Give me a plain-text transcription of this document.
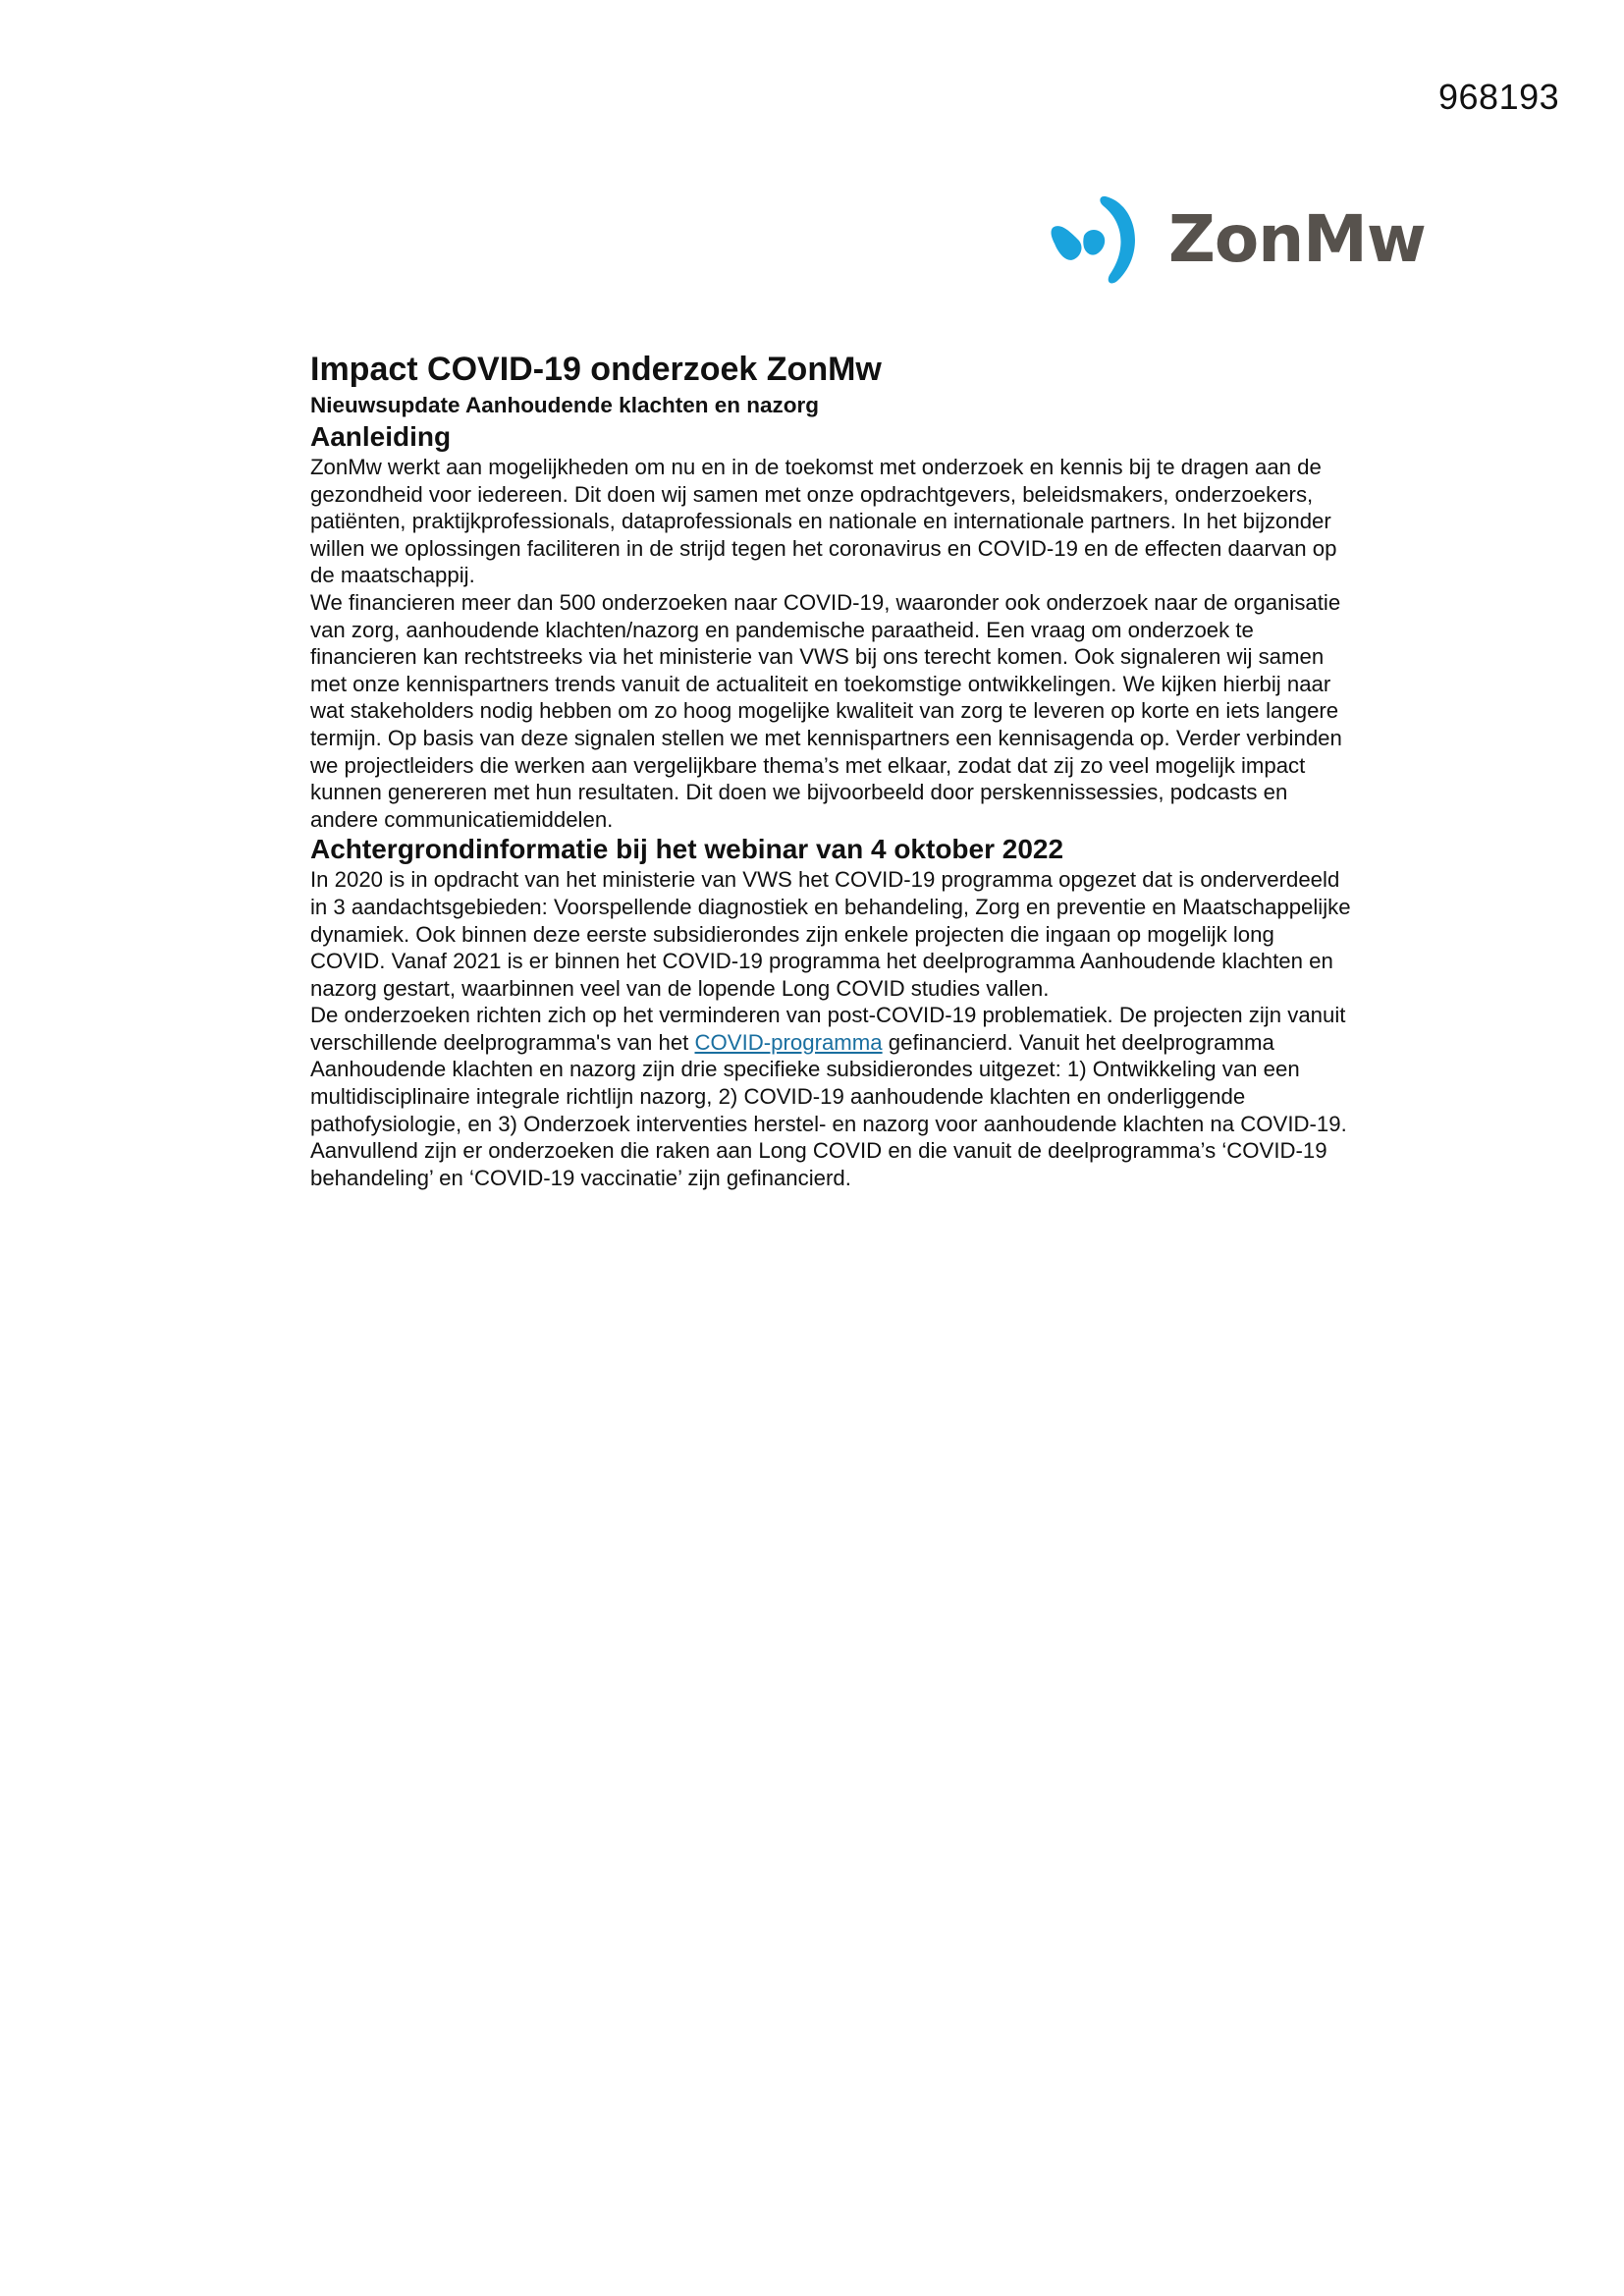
968193
ZonMw
Impact COVID-19 onderzoek ZonMw
Nieuwsupdate Aanhoudende klachten en nazorg
Aanleiding

ZonMw werkt aan mogelijkheden om nu en in de toekomst met onderzoek en kennis bij te dragen aan de gezondheid voor iedereen. Dit doen wij samen met onze opdrachtgevers, beleidsmakers, onderzoekers, patiënten, praktijkprofessionals, dataprofessionals en nationale en internationale partners. In het bijzonder willen we oplossingen faciliteren in de strijd tegen het coronavirus en COVID-19 en de effecten daarvan op de maatschappij.

We financieren meer dan 500 onderzoeken naar COVID-19, waaronder ook onderzoek naar de organisatie van zorg, aanhoudende klachten/nazorg en pandemische paraatheid. Een vraag om onderzoek te financieren kan rechtstreeks via het ministerie van VWS bij ons terecht komen. Ook signaleren wij samen met onze kennispartners trends vanuit de actualiteit en toekomstige ontwikkelingen. We kijken hierbij naar wat stakeholders nodig hebben om zo hoog mogelijke kwaliteit van zorg te leveren op korte en iets langere termijn. Op basis van deze signalen stellen we met kennispartners een kennisagenda op. Verder verbinden we projectleiders die werken aan vergelijkbare thema’s met elkaar, zodat dat zij zo veel mogelijk impact kunnen genereren met hun resultaten. Dit doen we bijvoorbeeld door perskennissessies, podcasts en andere communicatiemiddelen.

Achtergrondinformatie bij het webinar van 4 oktober 2022

In 2020 is in opdracht van het ministerie van VWS het COVID-19 programma opgezet dat is onderverdeeld in 3 aandachtsgebieden: Voorspellende diagnostiek en behandeling, Zorg en preventie en Maatschappelijke dynamiek. Ook binnen deze eerste subsidierondes zijn enkele projecten die ingaan op mogelijk long COVID. Vanaf 2021 is er binnen het COVID-19 programma het deelprogramma Aanhoudende klachten en nazorg gestart, waarbinnen veel van de lopende Long COVID studies vallen.

De onderzoeken richten zich op het verminderen van post-COVID-19 problematiek. De projecten zijn vanuit verschillende deelprogramma's van het COVID-programma gefinancierd. Vanuit het deelprogramma Aanhoudende klachten en nazorg zijn drie specifieke subsidierondes uitgezet: 1) Ontwikkeling van een multidisciplinaire integrale richtlijn nazorg, 2) COVID-19 aanhoudende klachten en onderliggende pathofysiologie, en 3) Onderzoek interventies herstel- en nazorg voor aanhoudende klachten na COVID-19. Aanvullend zijn er onderzoeken die raken aan Long COVID en die vanuit de deelprogramma’s ‘COVID-19 behandeling’ en ‘COVID-19 vaccinatie’ zijn gefinancierd.
